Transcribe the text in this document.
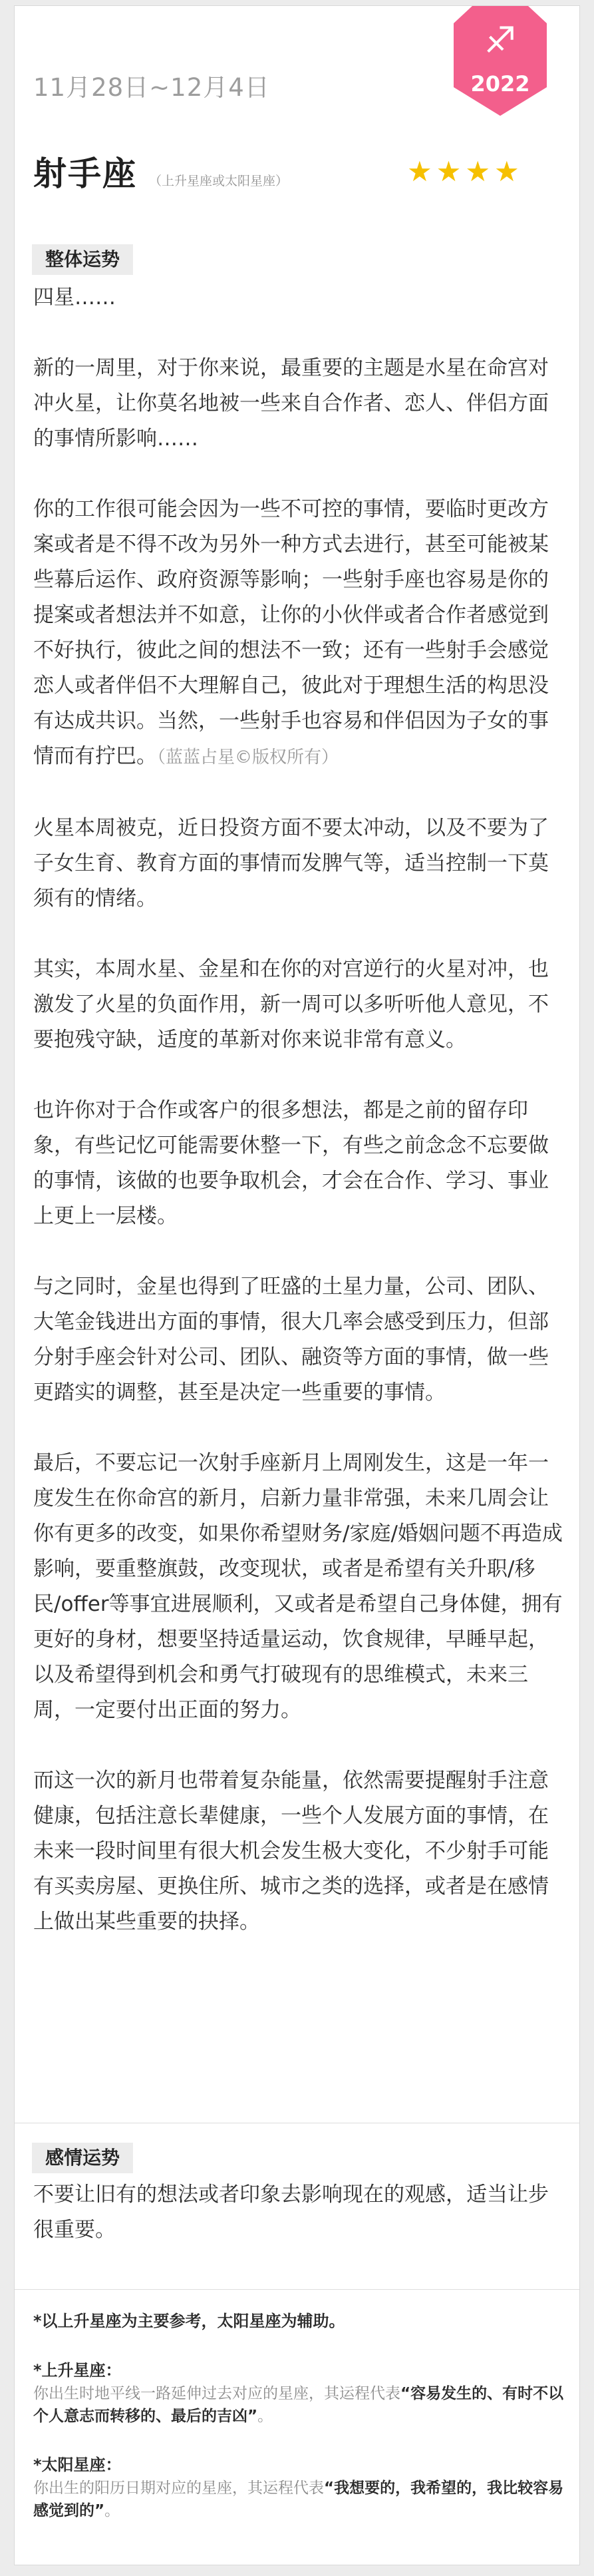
11月28日~12月4日
♐
2022
射手座 （上升星座或太阳星座）	★ ★ ★ ★
整体运势

四星……

新的一周里，对于你来说，最重要的主题是水星在命宫对冲火星，让你莫名地被一些来自合作者、恋人、伴侣方面的事情所影响……

你的工作很可能会因为一些不可控的事情，要临时更改方案或者是不得不改为另外一种方式去进行，甚至可能被某些幕后运作、政府资源等影响；一些射手座也容易是你的提案或者想法并不如意，让你的小伙伴或者合作者感觉到不好执行，彼此之间的想法不一致；还有一些射手会感觉恋人或者伴侣不大理解自己，彼此对于理想生活的构思没有达成共识。当然，一些射手也容易和伴侣因为子女的事情而有拧巴。（蓝蓝占星©版权所有）

火星本周被克，近日投资方面不要太冲动，以及不要为了子女生育、教育方面的事情而发脾气等，适当控制一下莫须有的情绪。

其实，本周水星、金星和在你的对宫逆行的火星对冲，也激发了火星的负面作用，新一周可以多听听他人意见，不要抱残守缺，适度的革新对你来说非常有意义。

也许你对于合作或客户的很多想法，都是之前的留存印象，有些记忆可能需要休整一下，有些之前念念不忘要做的事情，该做的也要争取机会，才会在合作、学习、事业上更上一层楼。

与之同时，金星也得到了旺盛的土星力量，公司、团队、大笔金钱进出方面的事情，很大几率会感受到压力，但部分射手座会针对公司、团队、融资等方面的事情，做一些更踏实的调整，甚至是决定一些重要的事情。

最后，不要忘记一次射手座新月上周刚发生，这是一年一度发生在你命宫的新月，启新力量非常强，未来几周会让你有更多的改变，如果你希望财务/家庭/婚姻问题不再造成影响，要重整旗鼓，改变现状，或者是希望有关升职/移民/offer等事宜进展顺利，又或者是希望自己身体健，拥有更好的身材，想要坚持适量运动，饮食规律，早睡早起，以及希望得到机会和勇气打破现有的思维模式，未来三周，一定要付出正面的努力。

而这一次的新月也带着复杂能量，依然需要提醒射手注意健康，包括注意长辈健康，一些个人发展方面的事情，在未来一段时间里有很大机会发生极大变化，不少射手可能有买卖房屋、更换住所、城市之类的选择，或者是在感情上做出某些重要的抉择。

感情运势

不要让旧有的想法或者印象去影响现在的观感，适当让步很重要。

*以上升星座为主要参考，太阳星座为辅助。
*上升星座：
你出生时地平线一路延伸过去对应的星座，其运程代表“容易发生的、有时不以个人意志而转移的、最后的吉凶”。
*太阳星座：
你出生的阳历日期对应的星座，其运程代表“我想要的，我希望的，我比较容易感觉到的”。
